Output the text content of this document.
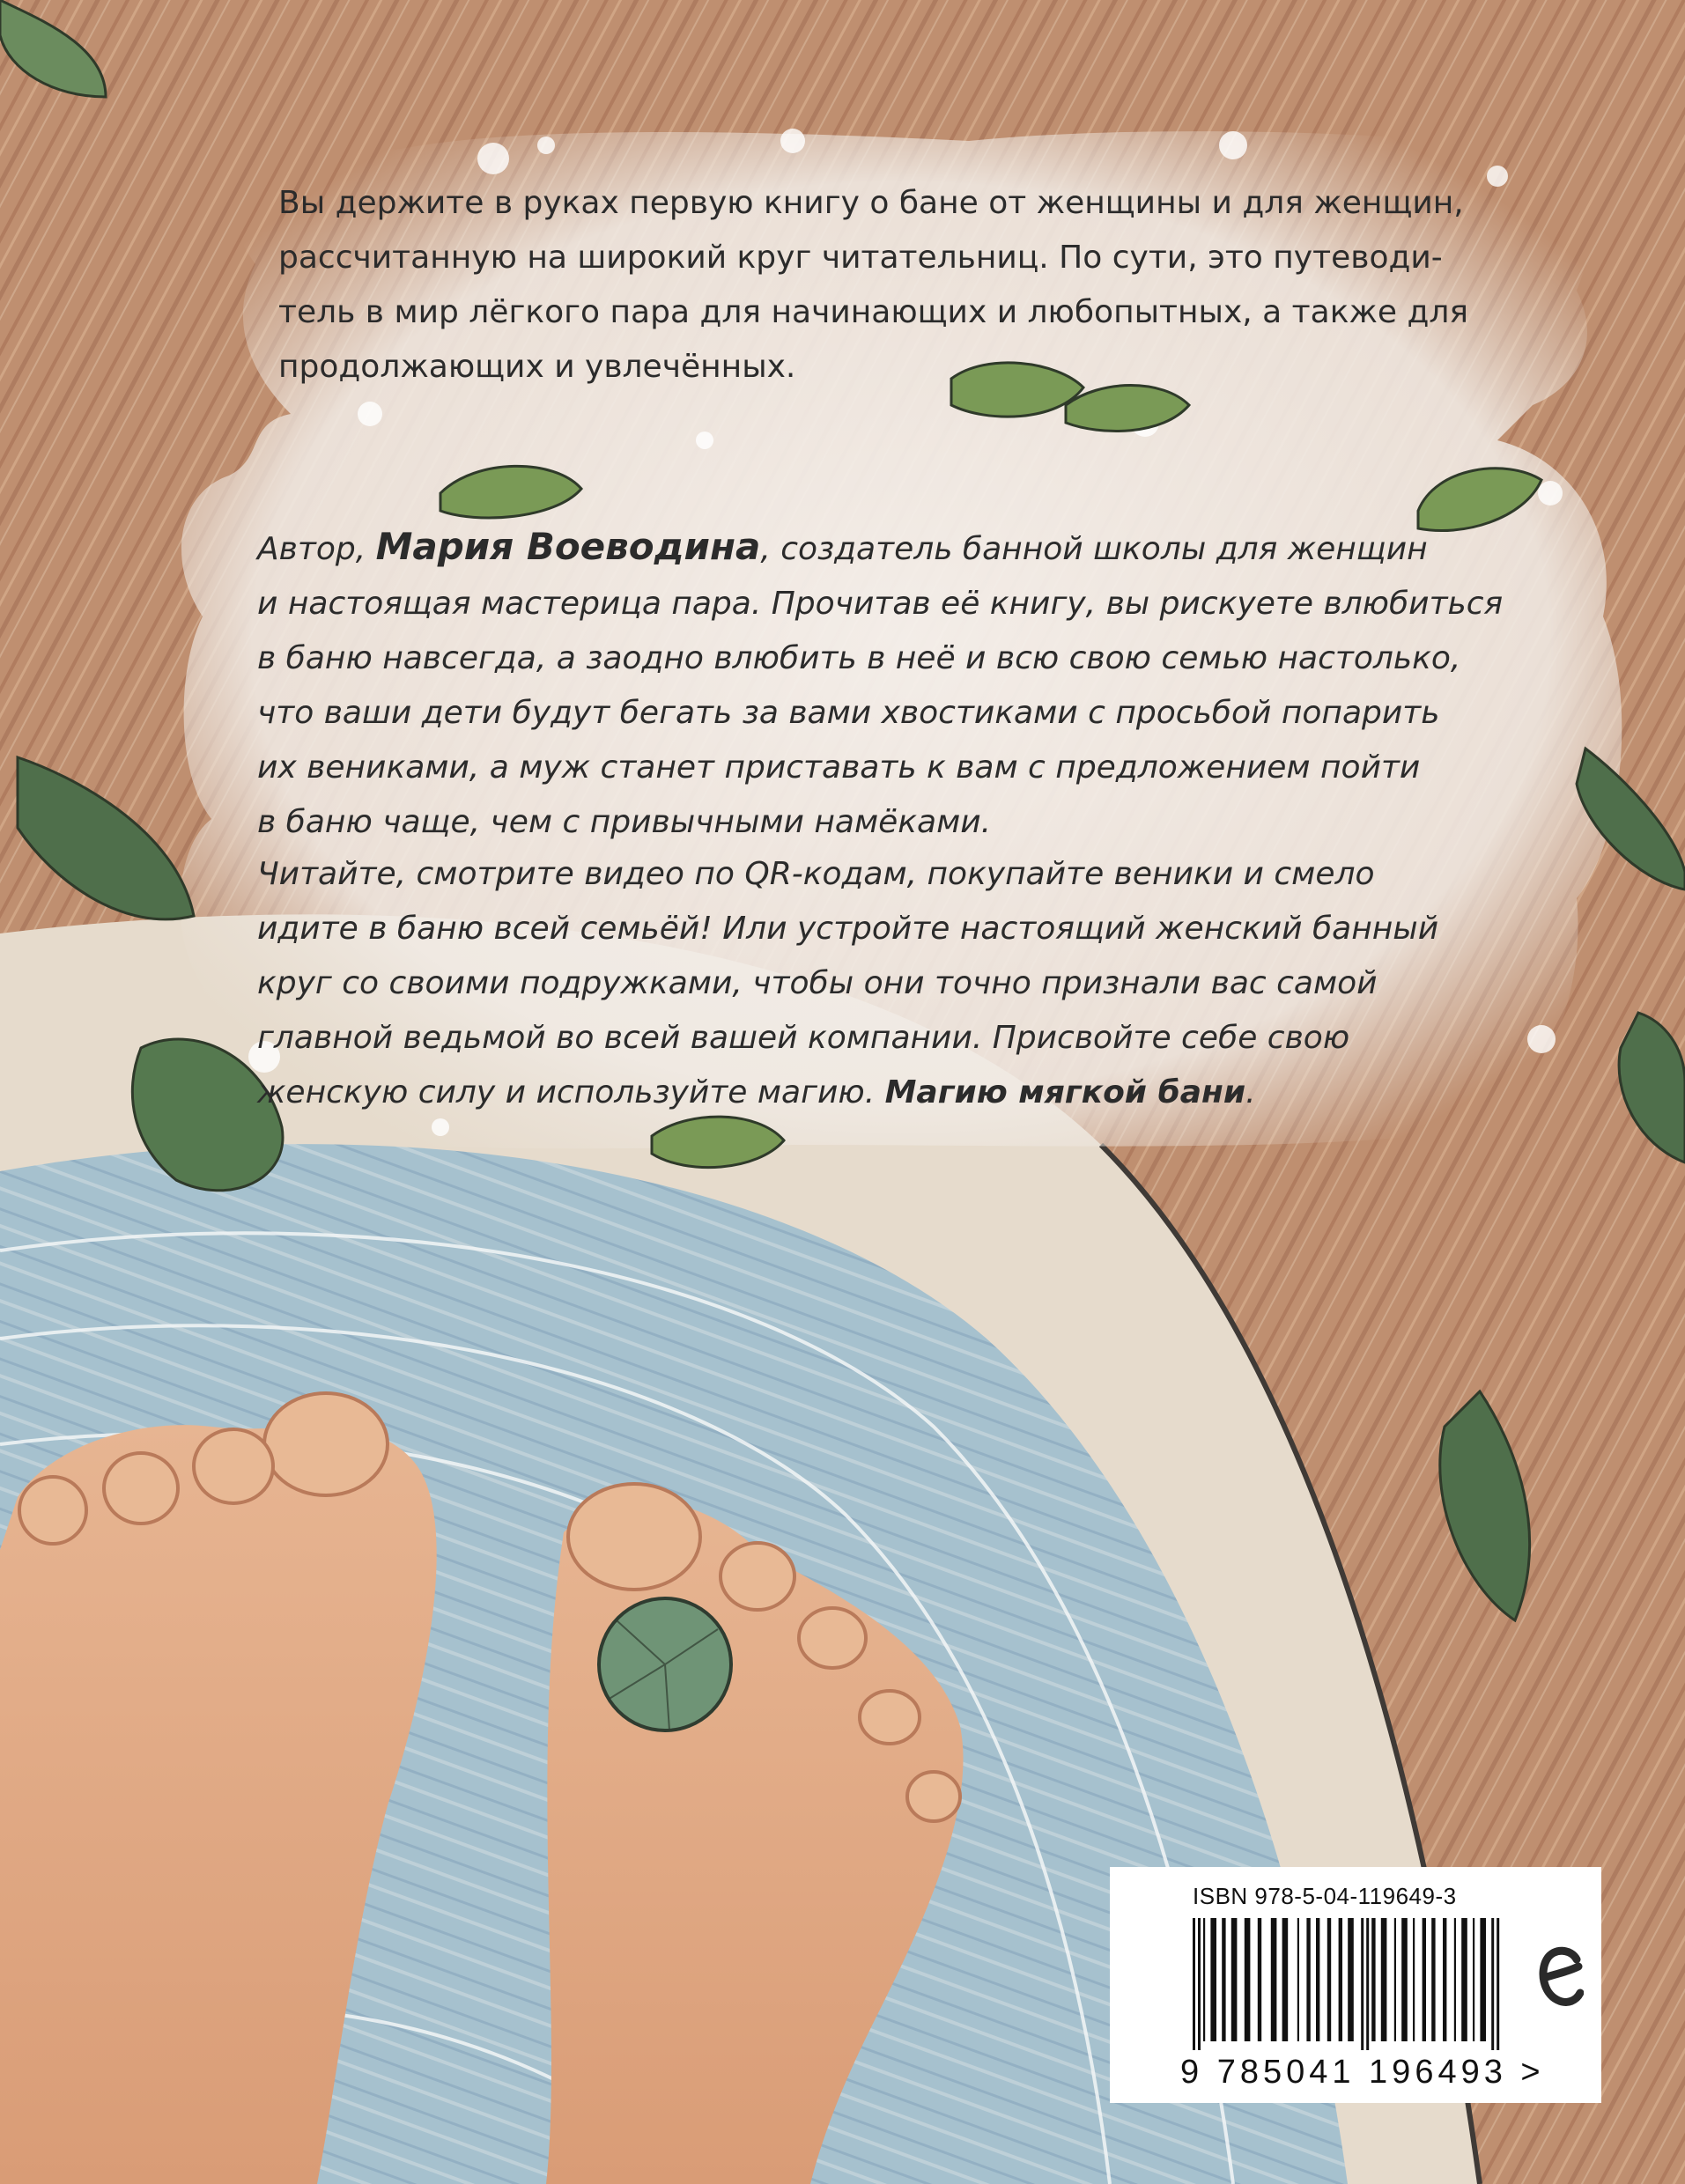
Вы держите в руках первую книгу о бане от женщины и для женщин,

рассчитанную на широкий круг читательниц. По сути, это путеводи-

тель в мир лёгкого пара для начинающих и любопытных, а также для

продолжающих и увлечённых.

Автор, Мария Воеводина, создатель банной школы для женщин

и настоящая мастерица пара. Прочитав её книгу, вы рискуете влюбиться

в баню навсегда, а заодно влюбить в неё и всю свою семью настолько,

что ваши дети будут бегать за вами хвостиками с просьбой попарить

их вениками, а муж станет приставать к вам с предложением пойти

в баню чаще, чем с привычными намёками.

Читайте, смотрите видео по QR-кодам, покупайте веники и смело

идите в баню всей семьёй! Или устройте настоящий женский банный

круг со своими подружками, чтобы они точно признали вас самой

главной ведьмой во всей вашей компании. Присвойте себе свою

женскую силу и используйте магию. Магию мягкой бани.

ISBN 978-5-04-119649-3
9 785041 196493 >
